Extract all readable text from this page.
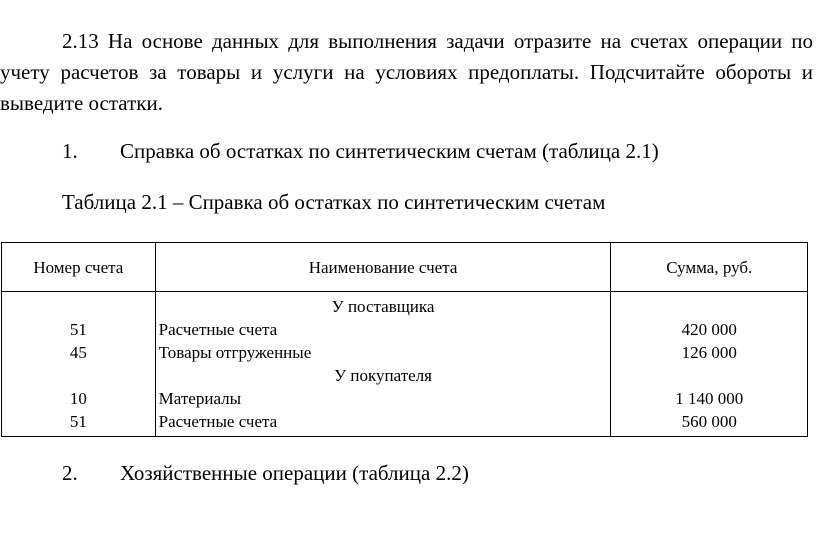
2.13 На основе данных для выполнения задачи отразите на счетах операции по учету расчетов за товары и услуги на условиях предоплаты. Подсчитайте обороты и выведите остатки.
1. Справка об остатках по синтетическим счетам (таблица 2.1)
Таблица 2.1 – Справка об остатках по синтетическим счетам
Номер счета	Наименование счета	Сумма, руб.
	У поставщика	
51	Расчетные счета	420 000
45	Товары отгруженные	126 000
	У покупателя	
10	Материалы	1 140 000
51	Расчетные счета	560 000
2. Хозяйственные операции (таблица 2.2)
